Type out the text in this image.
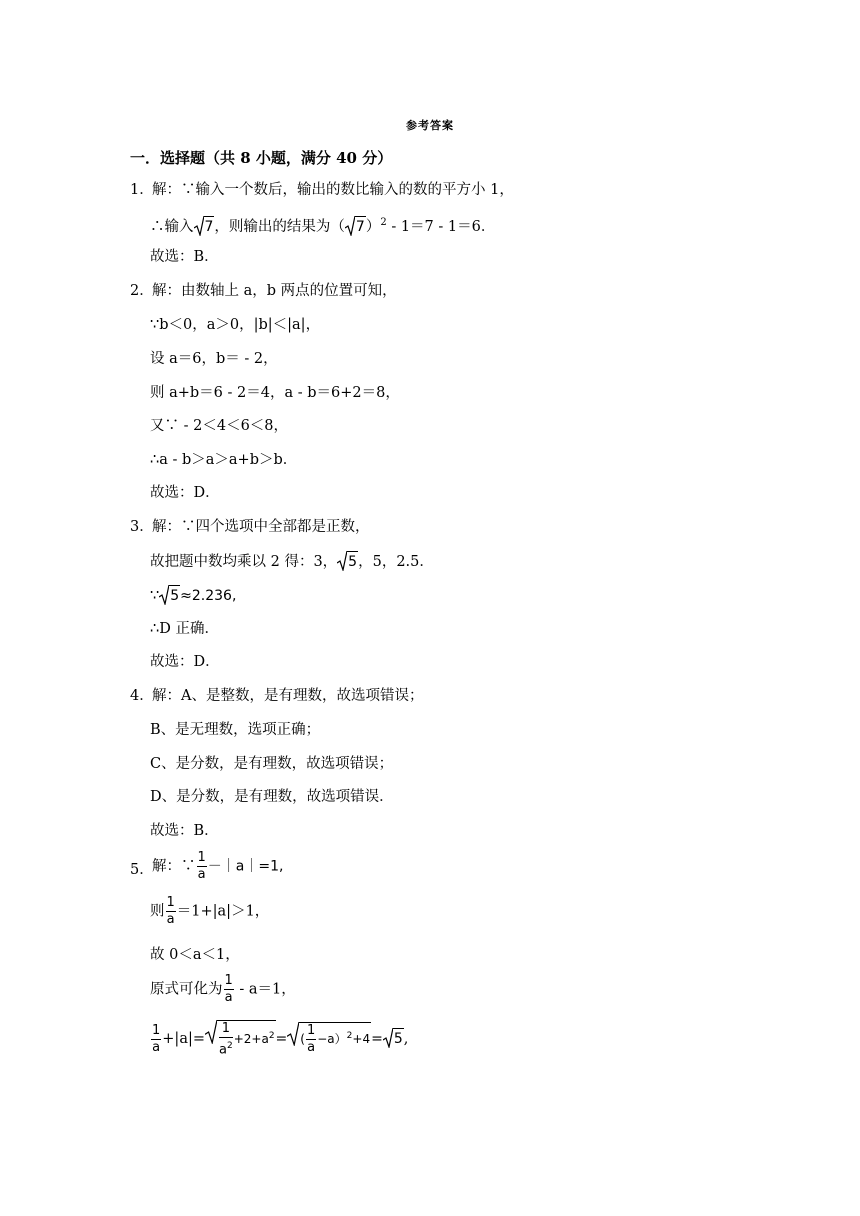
参考答案
一．选择题（共 8 小题，满分 40 分）
1．
解：∵输入一个数后，输出的数比输入的数的平方小 1，
∴输入 7，则输出的结果为（ 7）$^2$ - 1＝7 - 1＝6．
故选：B．
2．
解：由数轴上 a，b 两点的位置可知，
∵b＜0，a＞0，|b|＜|a|，
设 a＝6，b＝ - 2，
则 a+b＝6 - 2＝4，a - b＝6+2＝8，
又∵ - 2＜4＜6＜8，
∴a - b＞a＞a+b＞b．
故选：D．
3．
解：∵四个选项中全部都是正数，
故把题中数均乘以 2 得：3， 5，5，2.5．
∵ 5≈2.236,
∴D 正确．
故选：D．
4．
解：A、是整数，是有理数，故选项错误；
B、是无理数，选项正确；
C、是分数，是有理数，故选项错误；
D、是分数，是有理数，故选项错误．
故选：B．
5．
解：∵ $\frac{1}{a}$ －｜a｜=1,
则 $\frac{1}{a} =1+|a|>1$，
故 0＜a＜1，
原式可化为 $\frac{1}{a} - a=1$，
$\frac{1}{a} +|a|= \frac{1}{a^2} +2+a^2=$ ( $\frac{1}{a} -a)^2+4= 5$,
